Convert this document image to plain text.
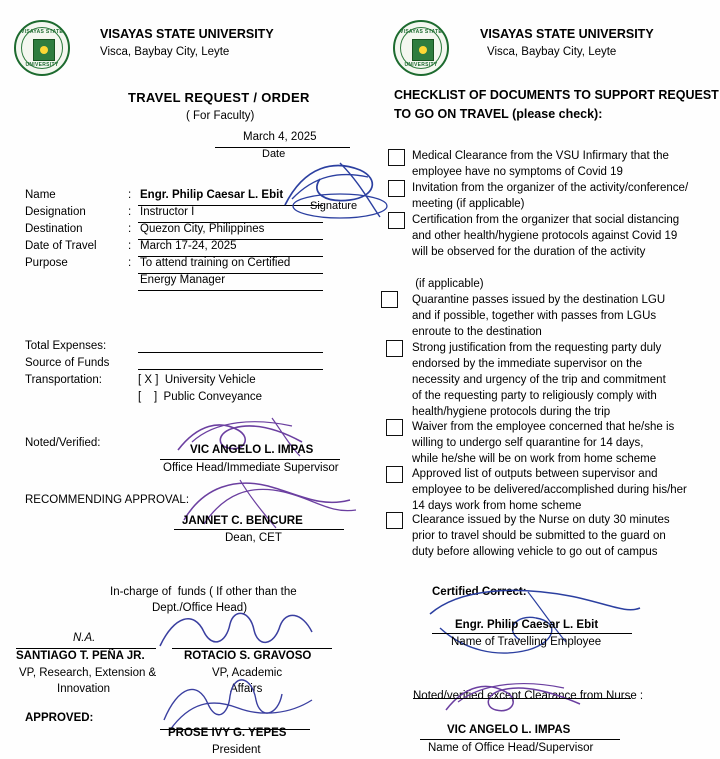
VISAYAS STATE
UNIVERSITY
VISAYAS STATE UNIVERSITY
Visca, Baybay City, Leyte
VISAYAS STATE
UNIVERSITY
VISAYAS STATE UNIVERSITY
Visca, Baybay City, Leyte
TRAVEL REQUEST / ORDER
( For Faculty)
March 4, 2025
Date
Name	: Engr. Philip Caesar L. Ebit
Designation	: Instructor I
Destination	: Quezon City, Philippines
Date of Travel	: March 17-24, 2025
Purpose	: To attend training on Certified
Energy Manager
Signature
Total Expenses:
Source of Funds
Transportation:	[ X ]  University Vehicle
[    ]  Public Conveyance
Noted/Verified:
VIC ANGELO L. IMPAS
Office Head/Immediate Supervisor
RECOMMENDING APPROVAL:
JANNET C. BENCURE
Dean, CET
In-charge of  funds ( If other than the
Dept./Office Head)
N.A.
SANTIAGO T. PEÑA JR.	ROTACIO S. GRAVOSO
VP, Research, Extension &
Innovation
VP, Academic
Affairs
APPROVED:
PROSE IVY G. YEPES
President
CHECKLIST OF DOCUMENTS TO SUPPORT REQUEST
TO GO ON TRAVEL (please check):
Medical Clearance from the VSU Infirmary that the
employee have no symptoms of Covid 19
Invitation from the organizer of the activity/conference/
meeting (if applicable)
Certification from the organizer that social distancing
and other health/hygiene protocols against Covid 19
will be observed for the duration of the activity
(if applicable)
Quarantine passes issued by the destination LGU
and if possible, together with passes from LGUs
enroute to the destination
Strong justification from the requesting party duly
endorsed by the immediate supervisor on the
necessity and urgency of the trip and commitment
of the requesting party to religiously comply with
health/hygiene protocols during the trip
Waiver from the employee concerned that he/she is
willing to undergo self quarantine for 14 days,
while he/she will be on work from home scheme
Approved list of outputs between supervisor and
employee to be delivered/accomplished during his/her
14 days work from home scheme
Clearance issued by the Nurse on duty 30 minutes
prior to travel should be submitted to the guard on
duty before allowing vehicle to go out of campus
Certified Correct:
Engr. Philip Caesar L. Ebit
Name of Travelling Employee
Noted/verified except Clearance from Nurse :
VIC ANGELO L. IMPAS
Name of Office Head/Supervisor
